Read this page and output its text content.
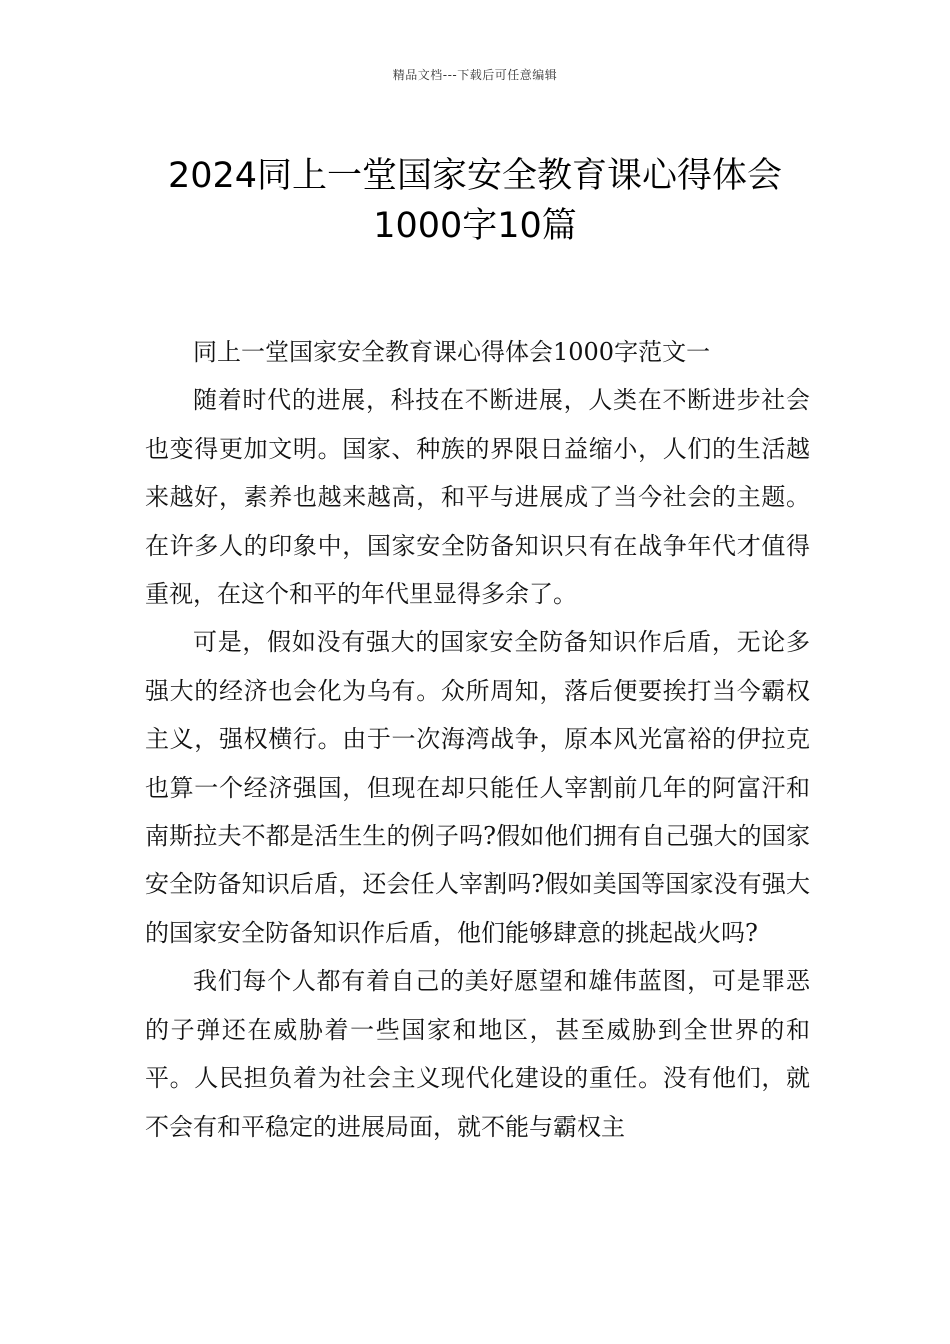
精品文档---下载后可任意编辑
2024同上一堂国家安全教育课心得体会
1000字10篇

同上一堂国家安全教育课心得体会1000字范文一

随着时代的进展，科技在不断进展，人类在不断进步社会也变得更加文明。国家、种族的界限日益缩小，人们的生活越来越好，素养也越来越高，和平与进展成了当今社会的主题。在许多人的印象中，国家安全防备知识只有在战争年代才值得重视，在这个和平的年代里显得多余了。

可是，假如没有强大的国家安全防备知识作后盾，无论多强大的经济也会化为乌有。众所周知，落后便要挨打当今霸权主义，强权横行。由于一次海湾战争，原本风光富裕的伊拉克也算一个经济强国，但现在却只能任人宰割前几年的阿富汗和南斯拉夫不都是活生生的例子吗?假如他们拥有自己强大的国家安全防备知识后盾，还会任人宰割吗?假如美国等国家没有强大的国家安全防备知识作后盾，他们能够肆意的挑起战火吗?

我们每个人都有着自己的美好愿望和雄伟蓝图，可是罪恶的子弹还在威胁着一些国家和地区，甚至威胁到全世界的和平。人民担负着为社会主义现代化建设的重任。没有他们，就不会有和平稳定的进展局面，就不能与霸权主
